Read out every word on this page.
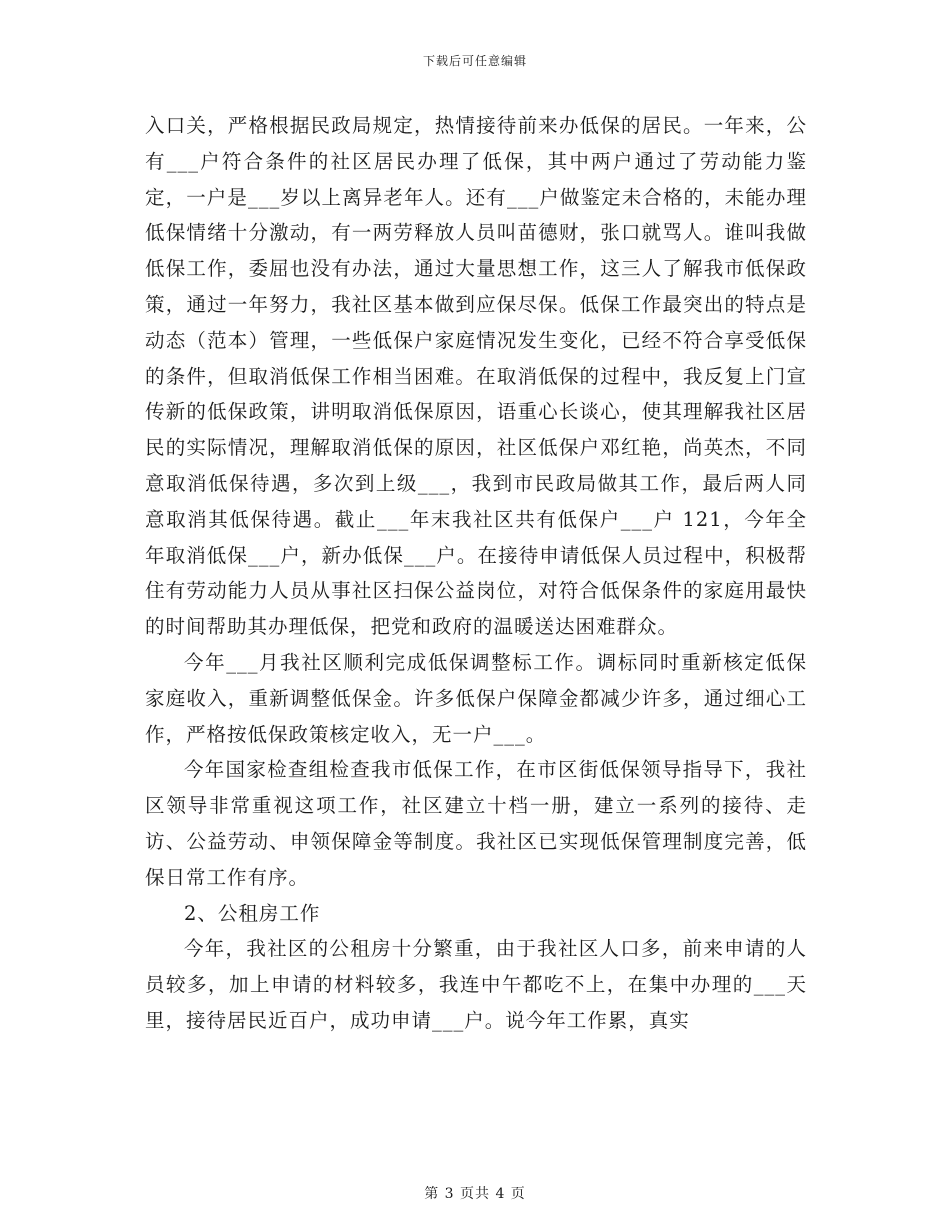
下载后可任意编辑

入口关，严格根据民政局规定，热情接待前来办低保的居民。一年来，公有___户符合条件的社区居民办理了低保，其中两户通过了劳动能力鉴定，一户是___岁以上离异老年人。还有___户做鉴定未合格的，未能办理低保情绪十分激动，有一两劳释放人员叫苗德财，张口就骂人。谁叫我做低保工作，委屈也没有办法，通过大量思想工作，这三人了解我市低保政策，通过一年努力，我社区基本做到应保尽保。低保工作最突出的特点是动态（范本）管理，一些低保户家庭情况发生变化，已经不符合享受低保的条件，但取消低保工作相当困难。在取消低保的过程中，我反复上门宣传新的低保政策，讲明取消低保原因，语重心长谈心，使其理解我社区居民的实际情况，理解取消低保的原因，社区低保户邓红艳，尚英杰，不同意取消低保待遇，多次到上级___，我到市民政局做其工作，最后两人同意取消其低保待遇。截止___年末我社区共有低保户___户 121，今年全年取消低保___户，新办低保___户。在接待申请低保人员过程中，积极帮住有劳动能力人员从事社区扫保公益岗位，对符合低保条件的家庭用最快的时间帮助其办理低保，把党和政府的温暖送达困难群众。

今年___月我社区顺利完成低保调整标工作。调标同时重新核定低保家庭收入，重新调整低保金。许多低保户保障金都减少许多，通过细心工作，严格按低保政策核定收入，无一户___。

今年国家检查组检查我市低保工作，在市区街低保领导指导下，我社区领导非常重视这项工作，社区建立十档一册，建立一系列的接待、走访、公益劳动、申领保障金等制度。我社区已实现低保管理制度完善，低保日常工作有序。

2、公租房工作

今年，我社区的公租房十分繁重，由于我社区人口多，前来申请的人员较多，加上申请的材料较多，我连中午都吃不上，在集中办理的___天里，接待居民近百户，成功申请___户。说今年工作累，真实

第 3 页共 4 页
